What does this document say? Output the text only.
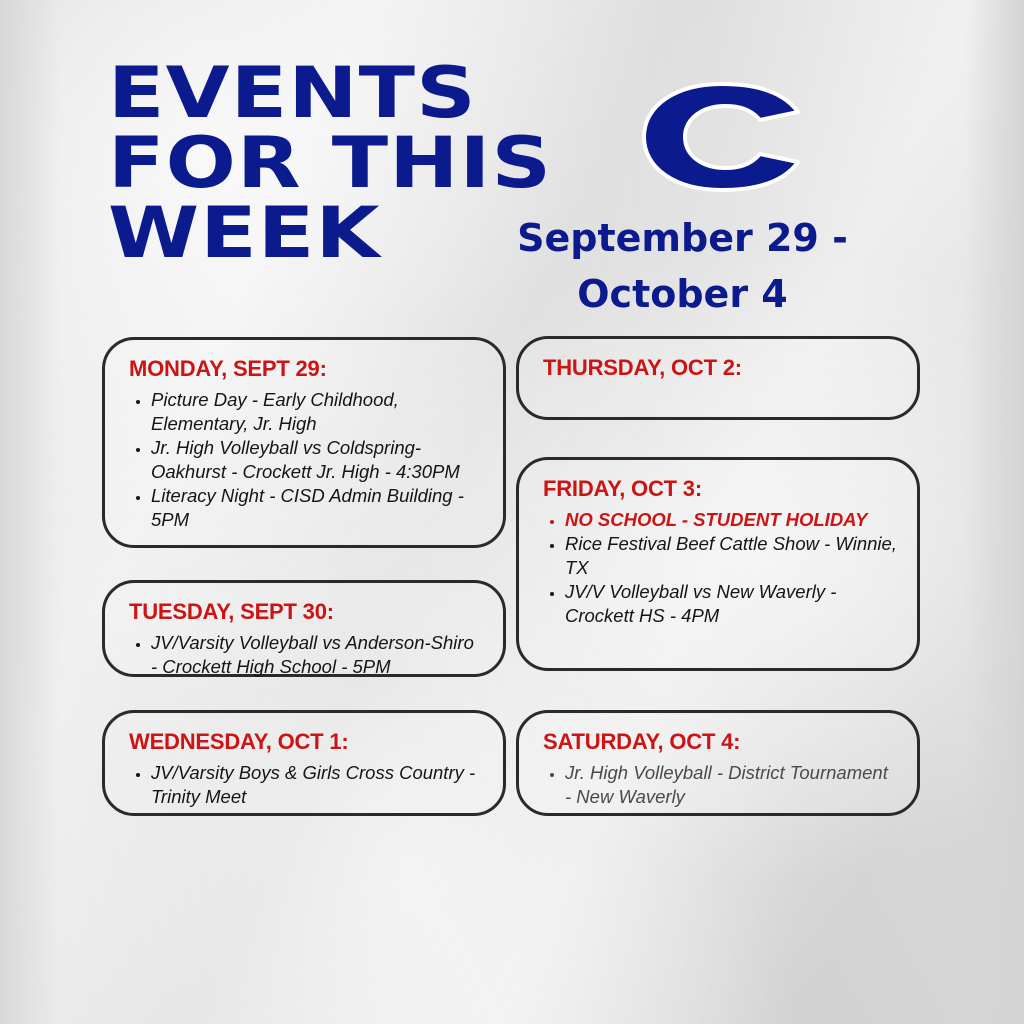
EVENTS
FOR THIS
WEEK	September 29 -
October 4
MONDAY, SEPT 29:
• Picture Day - Early Childhood, Elementary, Jr. High
• Jr. High Volleyball vs Coldspring-Oakhurst - Crockett Jr. High - 4:30PM
• Literacy Night - CISD Admin Building - 5PM
TUESDAY, SEPT 30:
• JV/Varsity Volleyball vs Anderson-Shiro - Crockett High School - 5PM
WEDNESDAY, OCT 1:
• JV/Varsity Boys & Girls Cross Country - Trinity Meet
THURSDAY, OCT 2:
FRIDAY, OCT 3:
• NO SCHOOL - STUDENT HOLIDAY
• Rice Festival Beef Cattle Show - Winnie, TX
• JV/V Volleyball vs New Waverly - Crockett HS - 4PM
SATURDAY, OCT 4:
• Jr. High Volleyball - District Tournament - New Waverly
